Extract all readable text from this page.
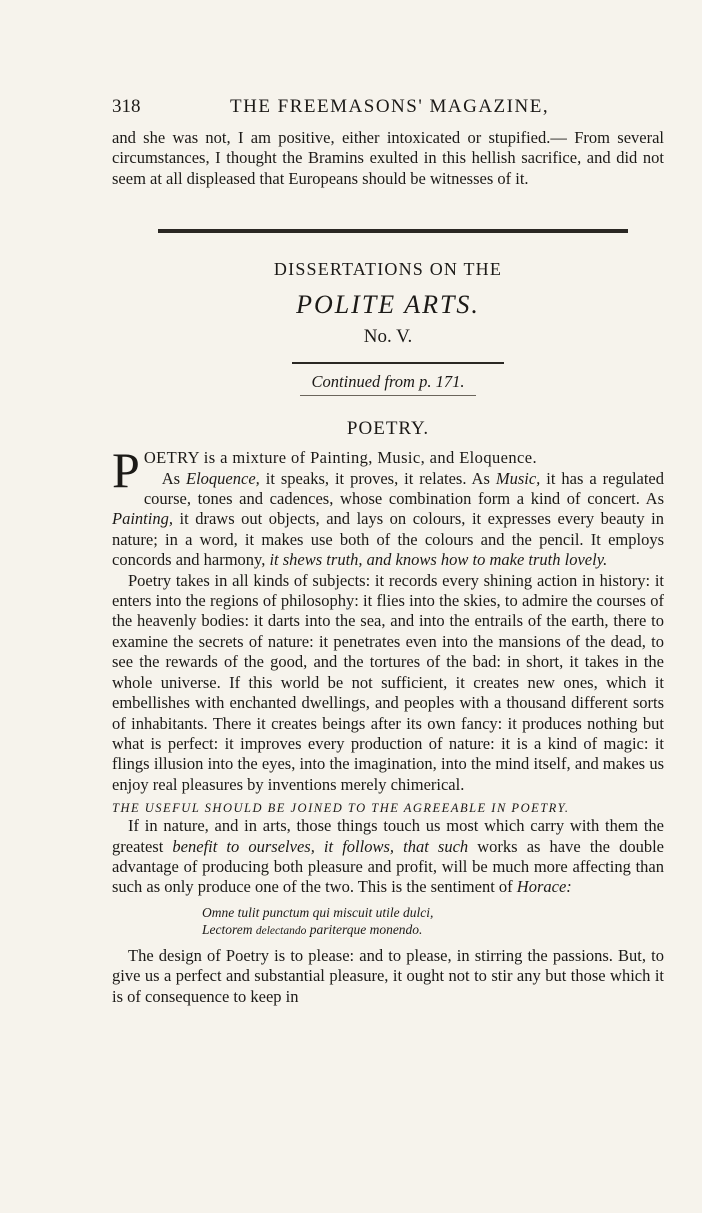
318	THE FREEMASONS' MAGAZINE,

and she was not, I am positive, either intoxicated or stupified.— From several circumstances, I thought the Bramins exulted in this hellish sacrifice, and did not seem at all displeased that Europeans should be witnesses of it.

DISSERTATIONS ON THE
POLITE ARTS.
No. V.
Continued from p. 171.
POETRY.

POETRY is a mixture of Painting, Music, and Eloquence.
As Eloquence, it speaks, it proves, it relates. As Music, it has a regulated course, tones and cadences, whose combination form a kind of concert. As Painting, it draws out objects, and lays on colours, it expresses every beauty in nature; in a word, it makes use both of the colours and the pencil. It employs concords and harmony, it shews truth, and knows how to make truth lovely.

Poetry takes in all kinds of subjects: it records every shining action in history: it enters into the regions of philosophy: it flies into the skies, to admire the courses of the heavenly bodies: it darts into the sea, and into the entrails of the earth, there to examine the secrets of nature: it penetrates even into the mansions of the dead, to see the rewards of the good, and the tortures of the bad: in short, it takes in the whole universe. If this world be not sufficient, it creates new ones, which it embellishes with enchanted dwellings, and peoples with a thousand different sorts of inhabitants. There it creates beings after its own fancy: it produces nothing but what is perfect: it improves every production of nature: it is a kind of magic: it flings illusion into the eyes, into the imagination, into the mind itself, and makes us enjoy real pleasures by inventions merely chimerical.

THE USEFUL SHOULD BE JOINED TO THE AGREEABLE IN POETRY.

If in nature, and in arts, those things touch us most which carry with them the greatest benefit to ourselves, it follows, that such works as have the double advantage of producing both pleasure and profit, will be much more affecting than such as only produce one of the two. This is the sentiment of Horace:

Omne tulit punctum qui miscuit utile dulci,
Lectorem delectando pariterque monendo.

The design of Poetry is to please: and to please, in stirring the passions. But, to give us a perfect and substantial pleasure, it ought not to stir any but those which it is of consequence to keep in
